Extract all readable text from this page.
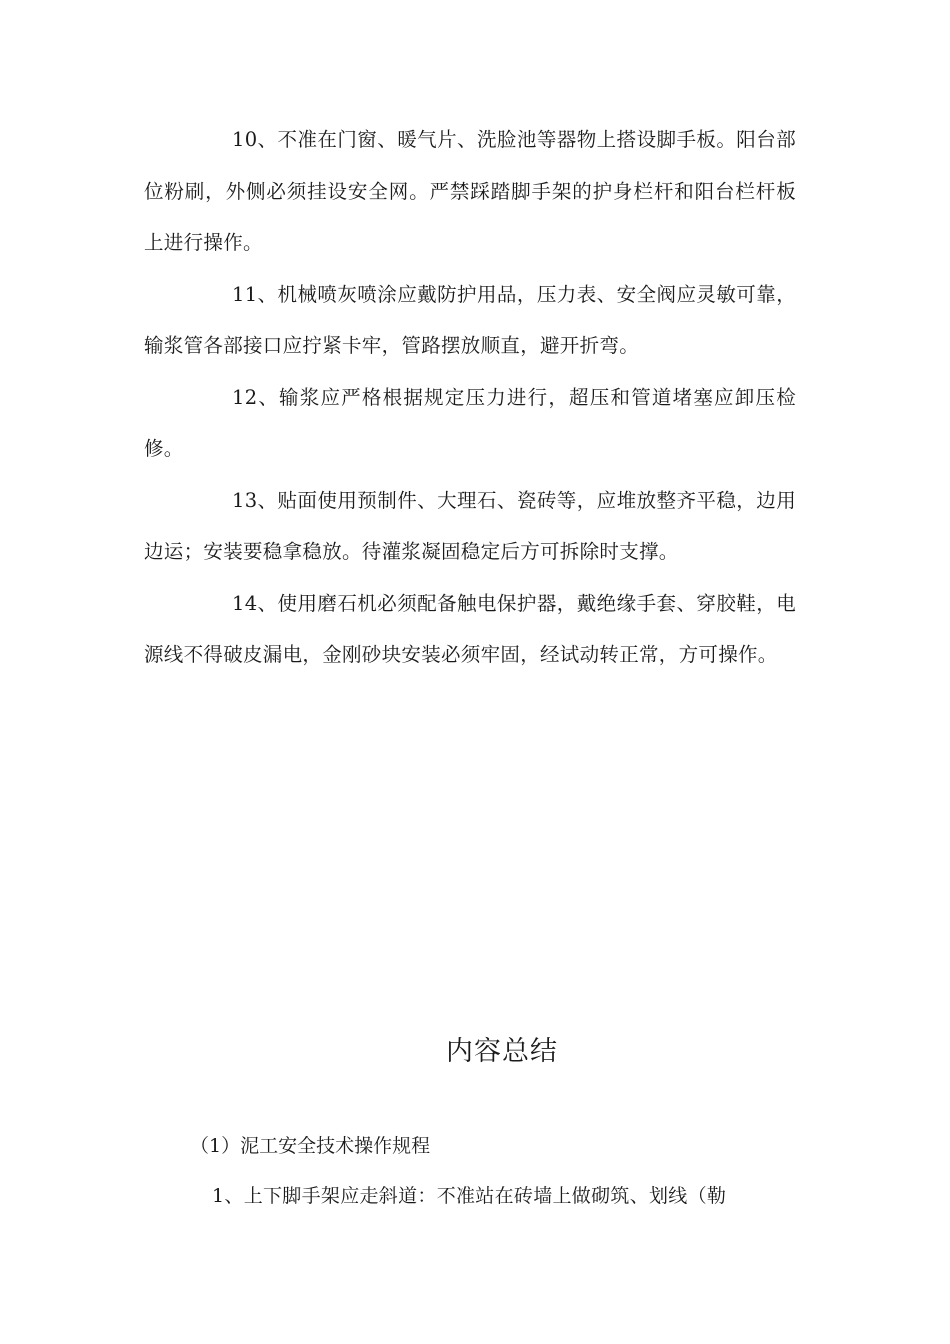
10、不准在门窗、暖气片、洗脸池等器物上搭设脚手板。阳台部位粉刷，外侧必须挂设安全网。严禁踩踏脚手架的护身栏杆和阳台栏杆板上进行操作。

11、机械喷灰喷涂应戴防护用品，压力表、安全阀应灵敏可靠，输浆管各部接口应拧紧卡牢，管路摆放顺直，避开折弯。

12、输浆应严格根据规定压力进行，超压和管道堵塞应卸压检修。

13、贴面使用预制件、大理石、瓷砖等，应堆放整齐平稳，边用边运；安装要稳拿稳放。待灌浆凝固稳定后方可拆除时支撑。

14、使用磨石机必须配备触电保护器，戴绝缘手套、穿胶鞋，电源线不得破皮漏电，金刚砂块安装必须牢固，经试动转正常，方可操作。

内容总结

（1）泥工安全技术操作规程

1、上下脚手架应走斜道：不准站在砖墙上做砌筑、划线（勒
